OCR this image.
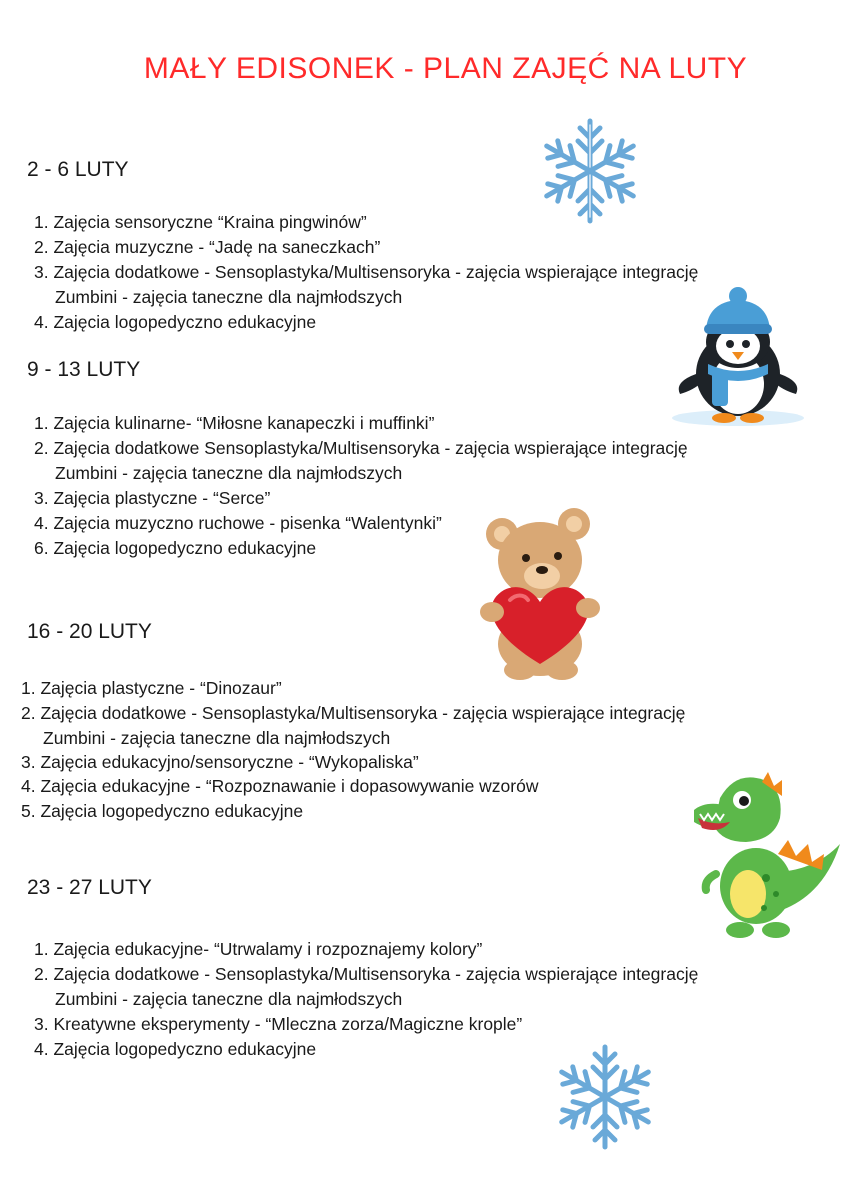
MAŁY EDISONEK - PLAN ZAJĘĆ NA LUTY
2 - 6 LUTY
1. Zajęcia sensoryczne “Kraina pingwinów”
2. Zajęcia muzyczne - “Jadę na saneczkach”
3. Zajęcia dodatkowe - Sensoplastyka/Multisensoryka - zajęcia wspierające integrację
Zumbini - zajęcia taneczne dla najmłodszych
4. Zajęcia logopedyczno edukacyjne
9 - 13 LUTY
1. Zajęcia kulinarne- “Miłosne kanapeczki i muffinki”
2. Zajęcia dodatkowe Sensoplastyka/Multisensoryka - zajęcia wspierające integrację
Zumbini - zajęcia taneczne dla najmłodszych
3. Zajęcia plastyczne - “Serce”
4. Zajęcia muzyczno ruchowe - pisenka “Walentynki”
6. Zajęcia logopedyczno edukacyjne
16 - 20 LUTY
1. Zajęcia plastyczne - “Dinozaur”
2. Zajęcia dodatkowe - Sensoplastyka/Multisensoryka - zajęcia wspierające integrację
Zumbini - zajęcia taneczne dla najmłodszych
3. Zajęcia edukacyjno/sensoryczne - “Wykopaliska”
4. Zajęcia edukacyjne - “Rozpoznawanie i dopasowywanie wzorów
5. Zajęcia logopedyczno edukacyjne
23 - 27 LUTY
1. Zajęcia edukacyjne- “Utrwalamy i rozpoznajemy kolory”
2. Zajęcia dodatkowe - Sensoplastyka/Multisensoryka - zajęcia wspierające integrację
Zumbini - zajęcia taneczne dla najmłodszych
3. Kreatywne eksperymenty - “Mleczna zorza/Magiczne krople”
4. Zajęcia logopedyczno edukacyjne
